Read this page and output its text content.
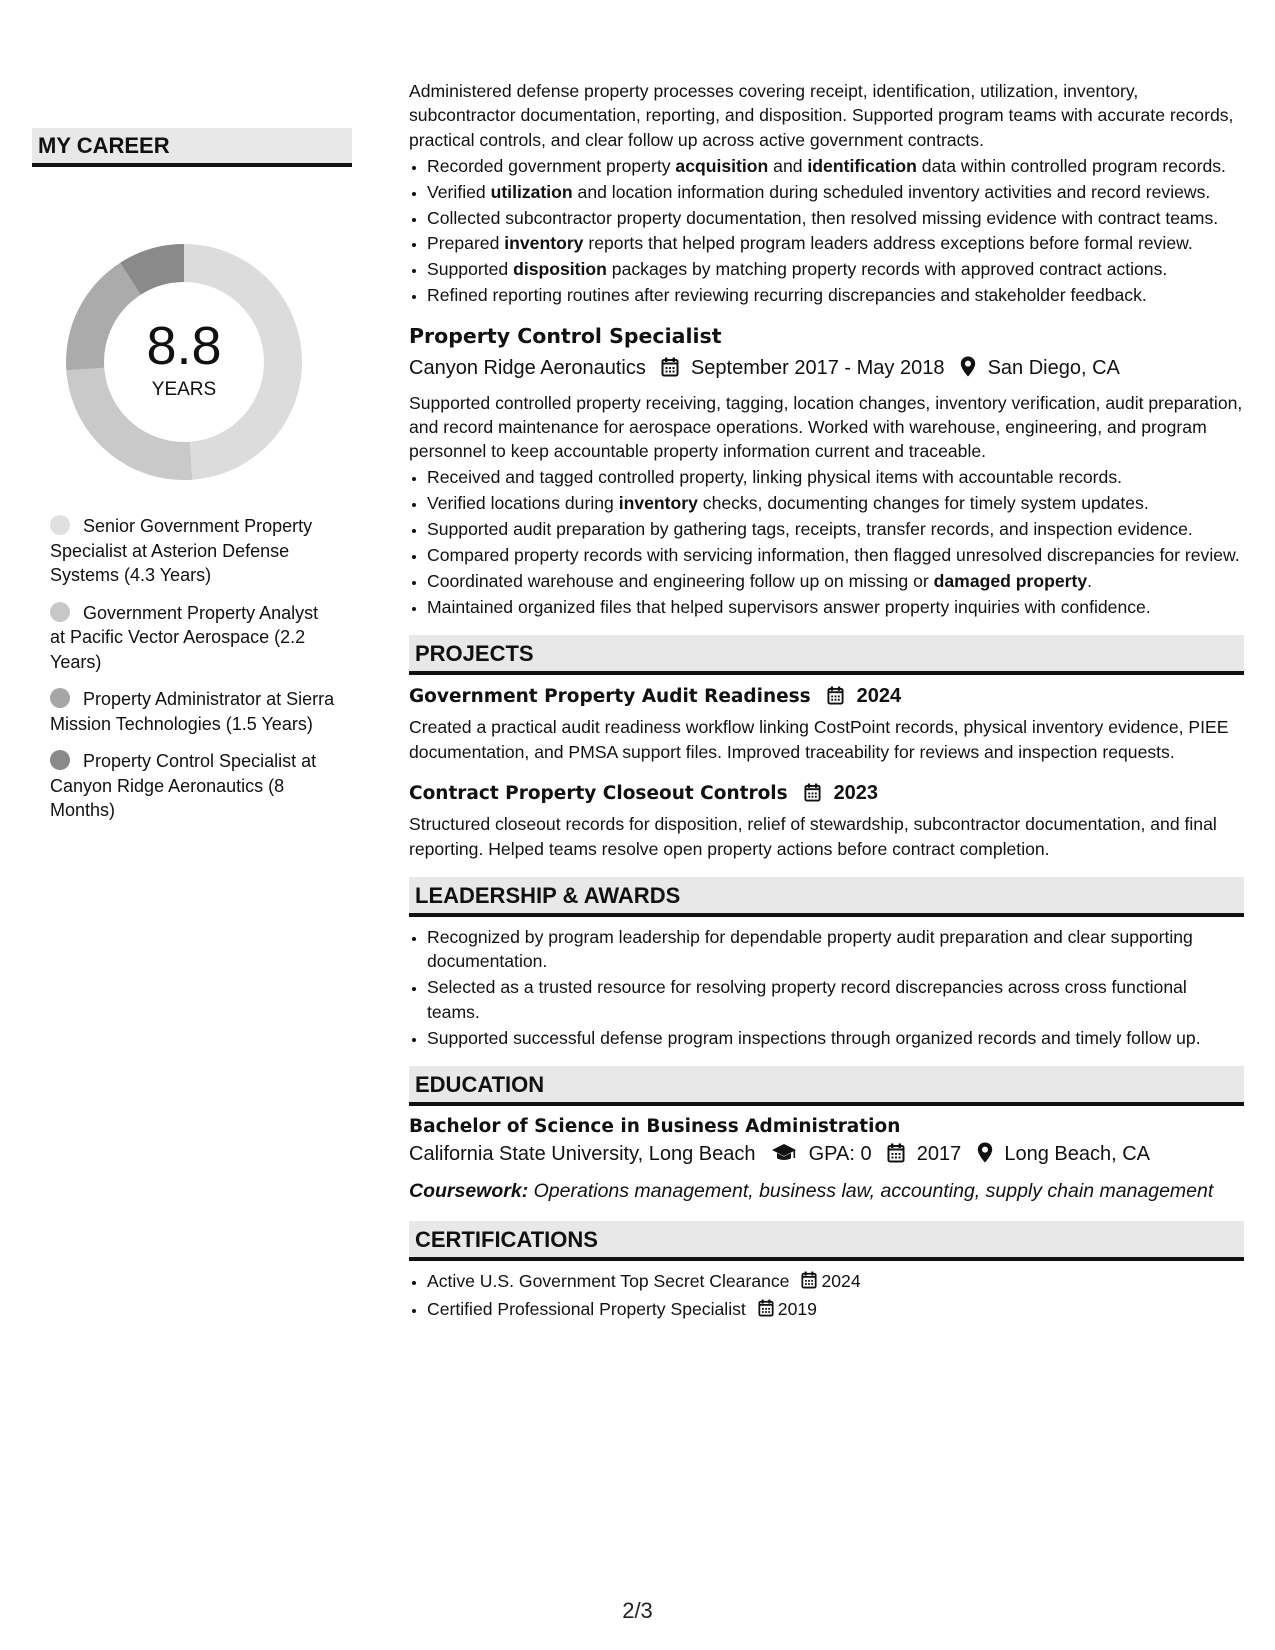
MY CAREER
8.8
YEARS
Senior Government Property Specialist at Asterion Defense Systems (4.3 Years)
Government Property Analyst at Pacific Vector Aerospace (2.2 Years)
Property Administrator at Sierra Mission Technologies (1.5 Years)
Property Control Specialist at Canyon Ridge Aeronautics (8 Months)

Administered defense property processes covering receipt, identification, utilization, inventory, subcontractor documentation, reporting, and disposition. Supported program teams with accurate records, practical controls, and clear follow up across active government contracts.

• Recorded government property acquisition and identification data within controlled program records.
• Verified utilization and location information during scheduled inventory activities and record reviews.
• Collected subcontractor property documentation, then resolved missing evidence with contract teams.
• Prepared inventory reports that helped program leaders address exceptions before formal review.
• Supported disposition packages by matching property records with approved contract actions.
• Refined reporting routines after reviewing recurring discrepancies and stakeholder feedback.
Property Control Specialist
Canyon Ridge Aeronautics September 2017 - May 2018 San Diego, CA

Supported controlled property receiving, tagging, location changes, inventory verification, audit preparation, and record maintenance for aerospace operations. Worked with warehouse, engineering, and program personnel to keep accountable property information current and traceable.

• Received and tagged controlled property, linking physical items with accountable records.
• Verified locations during inventory checks, documenting changes for timely system updates.
• Supported audit preparation by gathering tags, receipts, transfer records, and inspection evidence.
• Compared property records with servicing information, then flagged unresolved discrepancies for review.
• Coordinated warehouse and engineering follow up on missing or damaged property.
• Maintained organized files that helped supervisors answer property inquiries with confidence.
PROJECTS
Government Property Audit Readiness 2024

Created a practical audit readiness workflow linking CostPoint records, physical inventory evidence, PIEE documentation, and PMSA support files. Improved traceability for reviews and inspection requests.

Contract Property Closeout Controls 2023

Structured closeout records for disposition, relief of stewardship, subcontractor documentation, and final reporting. Helped teams resolve open property actions before contract completion.

LEADERSHIP & AWARDS
• Recognized by program leadership for dependable property audit preparation and clear supporting documentation.
• Selected as a trusted resource for resolving property record discrepancies across cross functional teams.
• Supported successful defense program inspections through organized records and timely follow up.
EDUCATION
Bachelor of Science in Business Administration
California State University, Long Beach	GPA: 0 2017 Long Beach, CA
Coursework: Operations management, business law, accounting, supply chain management
CERTIFICATIONS
• Active U.S. Government Top Secret Clearance 2024
• Certified Professional Property Specialist 2019
2/3
